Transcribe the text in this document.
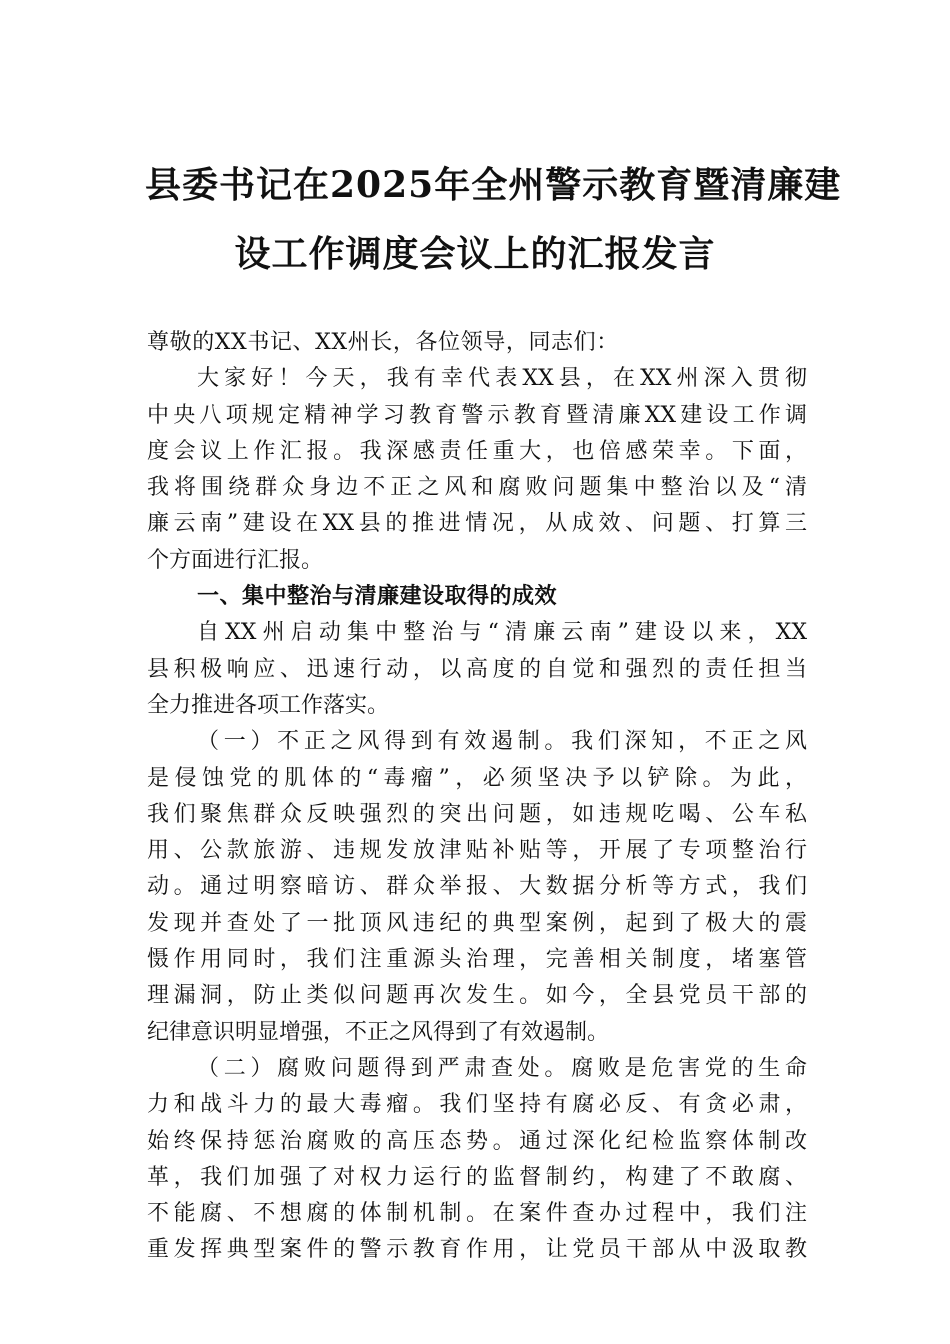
县委书记在2025年全州警示教育暨清廉建
设工作调度会议上的汇报发言
尊敬的XX书记、XX州长，各位领导，同志们：
大家好！今天，我有幸代表XX县，在XX州深入贯彻
中央八项规定精神学习教育警示教育暨清廉XX建设工作调
度会议上作汇报。我深感责任重大，也倍感荣幸。下面，
我将围绕群众身边不正之风和腐败问题集中整治以及“清
廉云南”建设在XX县的推进情况，从成效、问题、打算三
个方面进行汇报。
一、集中整治与清廉建设取得的成效
自XX州启动集中整治与“清廉云南”建设以来，XX
县积极响应、迅速行动，以高度的自觉和强烈的责任担当
全力推进各项工作落实。
（一）不正之风得到有效遏制。我们深知，不正之风
是侵蚀党的肌体的“毒瘤”，必须坚决予以铲除。为此，
我们聚焦群众反映强烈的突出问题，如违规吃喝、公车私
用、公款旅游、违规发放津贴补贴等，开展了专项整治行
动。通过明察暗访、群众举报、大数据分析等方式，我们
发现并查处了一批顶风违纪的典型案例，起到了极大的震
慑作用同时，我们注重源头治理，完善相关制度，堵塞管
理漏洞，防止类似问题再次发生。如今，全县党员干部的
纪律意识明显增强，不正之风得到了有效遏制。
（二）腐败问题得到严肃查处。腐败是危害党的生命
力和战斗力的最大毒瘤。我们坚持有腐必反、有贪必肃，
始终保持惩治腐败的高压态势。通过深化纪检监察体制改
革，我们加强了对权力运行的监督制约，构建了不敢腐、
不能腐、不想腐的体制机制。在案件查办过程中，我们注
重发挥典型案件的警示教育作用，让党员干部从中汲取教
